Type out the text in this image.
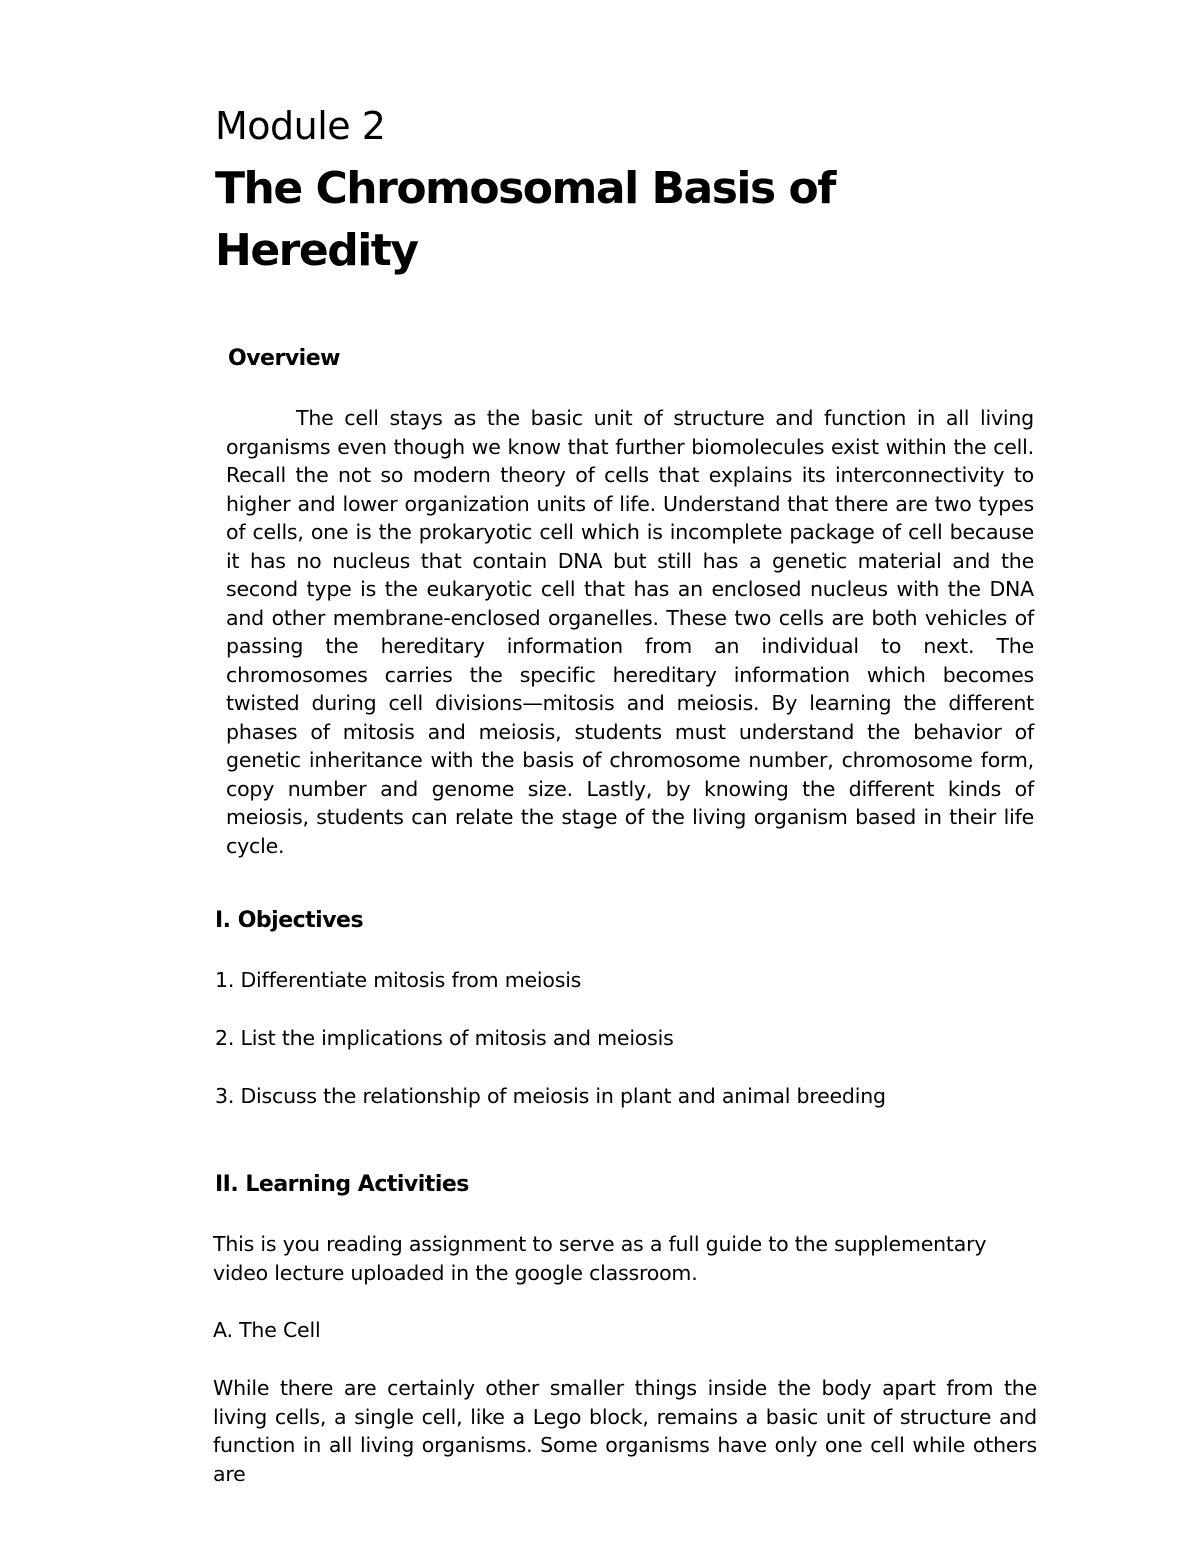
Module 2
The Chromosomal Basis of Heredity
Overview
The cell stays as the basic unit of structure and function in all living organisms even though we know that further biomolecules exist within the cell. Recall the not so modern theory of cells that explains its interconnectivity to higher and lower organization units of life. Understand that there are two types of cells, one is the prokaryotic cell which is incomplete package of cell because it has no nucleus that contain DNA but still has a genetic material and the second type is the eukaryotic cell that has an enclosed nucleus with the DNA and other membrane-enclosed organelles. These two cells are both vehicles of passing the hereditary information from an individual to next. The chromosomes carries the specific hereditary information which becomes twisted during cell divisions—mitosis and meiosis. By learning the different phases of mitosis and meiosis, students must understand the behavior of genetic inheritance with the basis of chromosome number, chromosome form, copy number and genome size. Lastly, by knowing the different kinds of meiosis, students can relate the stage of the living organism based in their life cycle.
I. Objectives
1. Differentiate mitosis from meiosis
2. List the implications of mitosis and meiosis
3. Discuss the relationship of meiosis in plant and animal breeding
II. Learning Activities
This is you reading assignment to serve as a full guide to the supplementary video lecture uploaded in the google classroom.
A. The Cell
While there are certainly other smaller things inside the body apart from the living cells, a single cell, like a Lego block, remains a basic unit of structure and function in all living organisms. Some organisms have only one cell while others are
